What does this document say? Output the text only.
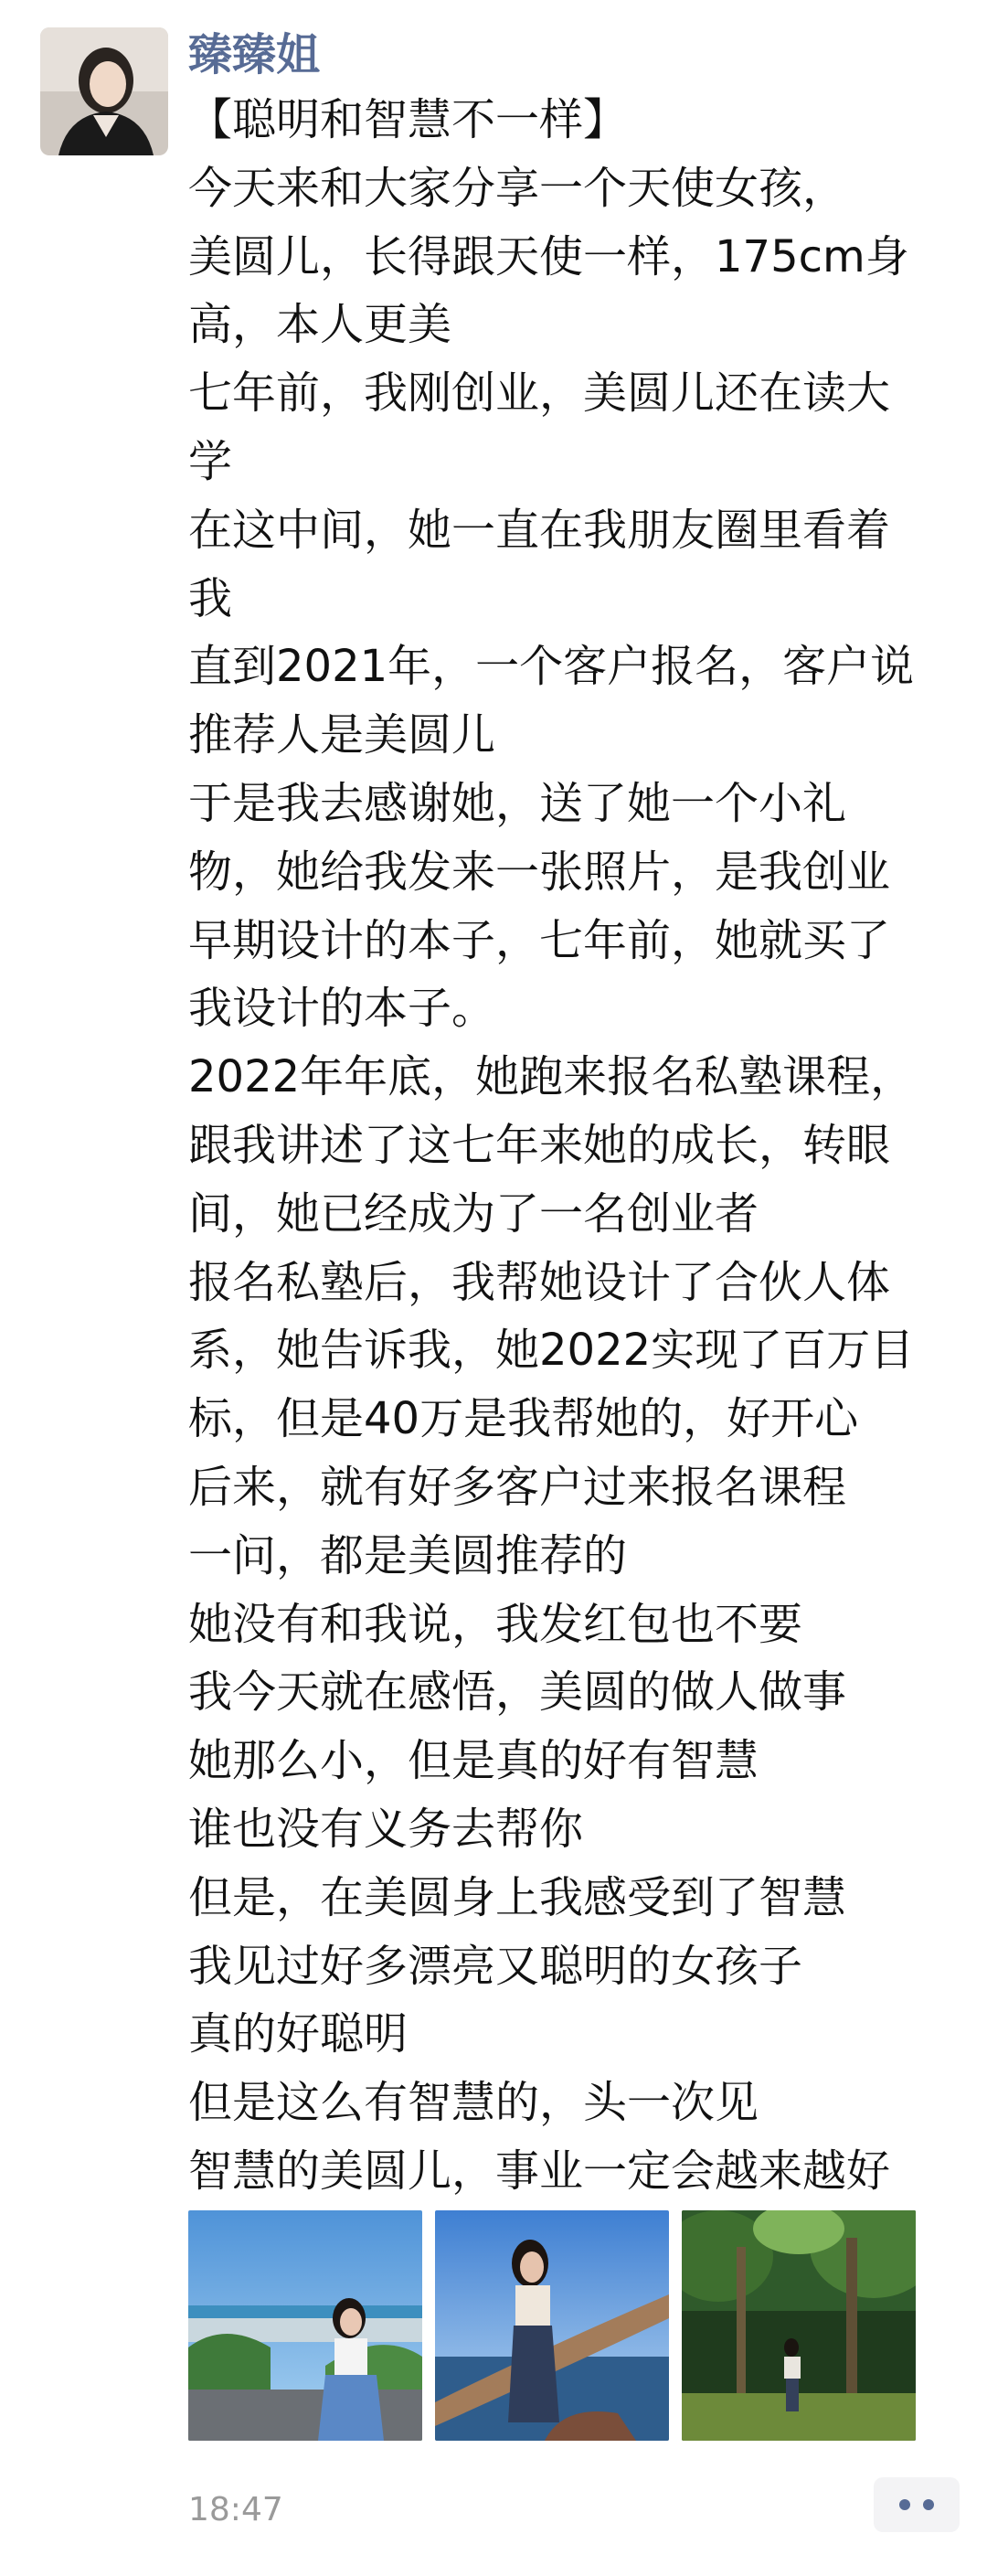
臻臻姐
【聪明和智慧不一样】
今天来和大家分享一个天使女孩，
美圆儿，长得跟天使一样，175cm身
高，本人更美
七年前，我刚创业，美圆儿还在读大
学
在这中间，她一直在我朋友圈里看着
我
直到2021年，一个客户报名，客户说
推荐人是美圆儿
于是我去感谢她，送了她一个小礼
物，她给我发来一张照片，是我创业
早期设计的本子，七年前，她就买了
我设计的本子。
2022年年底，她跑来报名私塾课程，
跟我讲述了这七年来她的成长，转眼
间，她已经成为了一名创业者
报名私塾后，我帮她设计了合伙人体
系，她告诉我，她2022实现了百万目
标，但是40万是我帮她的，好开心
后来，就有好多客户过来报名课程
一问，都是美圆推荐的
她没有和我说，我发红包也不要
我今天就在感悟，美圆的做人做事
她那么小，但是真的好有智慧
谁也没有义务去帮你
但是，在美圆身上我感受到了智慧
我见过好多漂亮又聪明的女孩子
真的好聪明
但是这么有智慧的，头一次见
智慧的美圆儿，事业一定会越来越好
18:47
